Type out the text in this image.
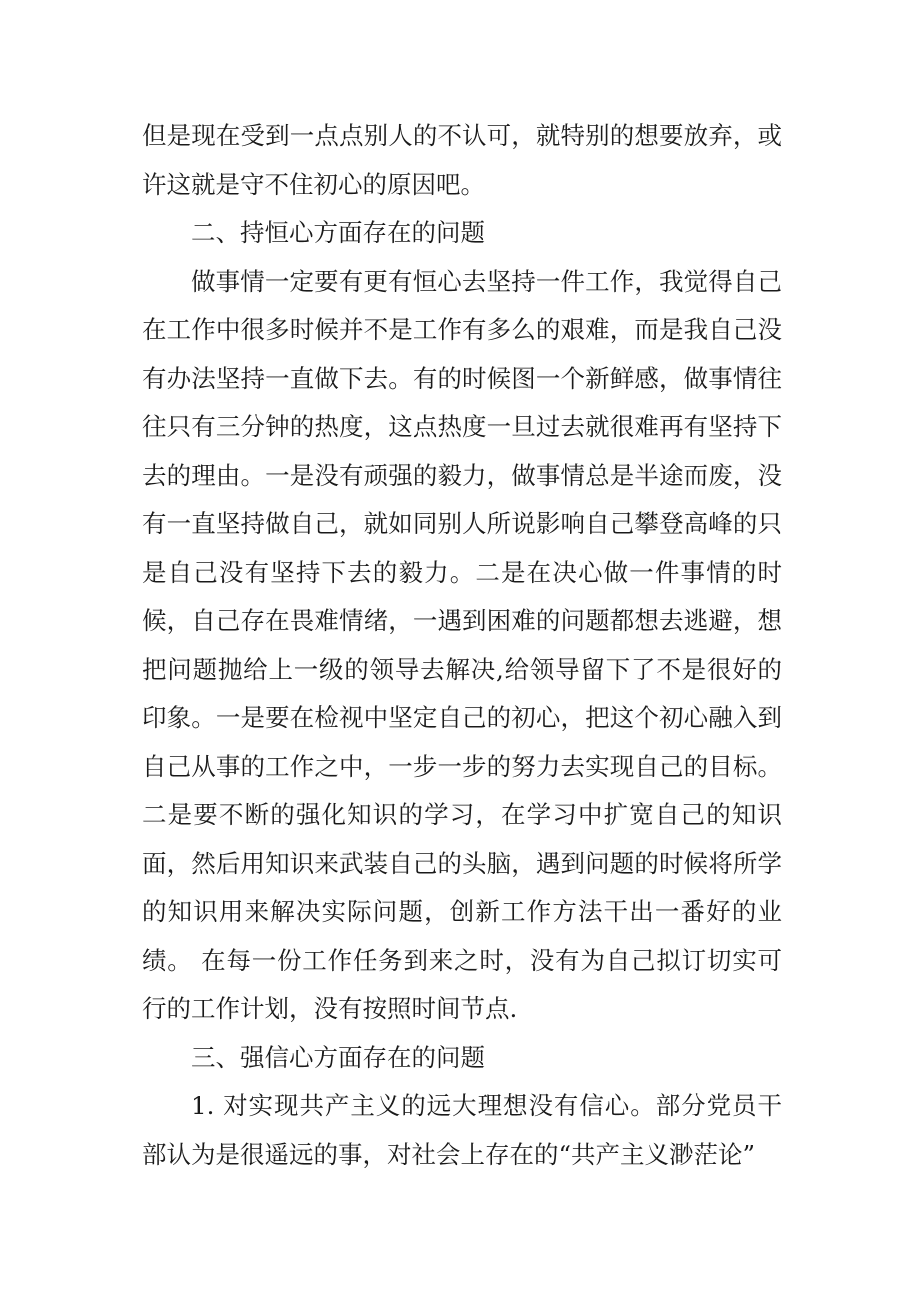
但是现在受到一点点别人的不认可，就特别的想要放弃，或许这就是守不住初心的原因吧。

二、持恒心方面存在的问题

做事情一定要有更有恒心去坚持一件工作，我觉得自己在工作中很多时候并不是工作有多么的艰难，而是我自己没有办法坚持一直做下去。有的时候图一个新鲜感，做事情往往只有三分钟的热度，这点热度一旦过去就很难再有坚持下去的理由。一是没有顽强的毅力，做事情总是半途而废，没有一直坚持做自己，就如同别人所说影响自己攀登高峰的只是自己没有坚持下去的毅力。二是在决心做一件事情的时候，自己存在畏难情绪，一遇到困难的问题都想去逃避，想把问题抛给上一级的领导去解决,给领导留下了不是很好的印象。一是要在检视中坚定自己的初心，把这个初心融入到自己从事的工作之中，一步一步的努力去实现自己的目标。二是要不断的强化知识的学习，在学习中扩宽自己的知识面，然后用知识来武装自己的头脑，遇到问题的时候将所学的知识用来解决实际问题，创新工作方法干出一番好的业绩。 在每一份工作任务到来之时，没有为自己拟订切实可行的工作计划，没有按照时间节点.

三、强信心方面存在的问题

1. 对实现共产主义的远大理想没有信心。部分党员干部认为是很遥远的事，对社会上存在的“共产主义渺茫论”
